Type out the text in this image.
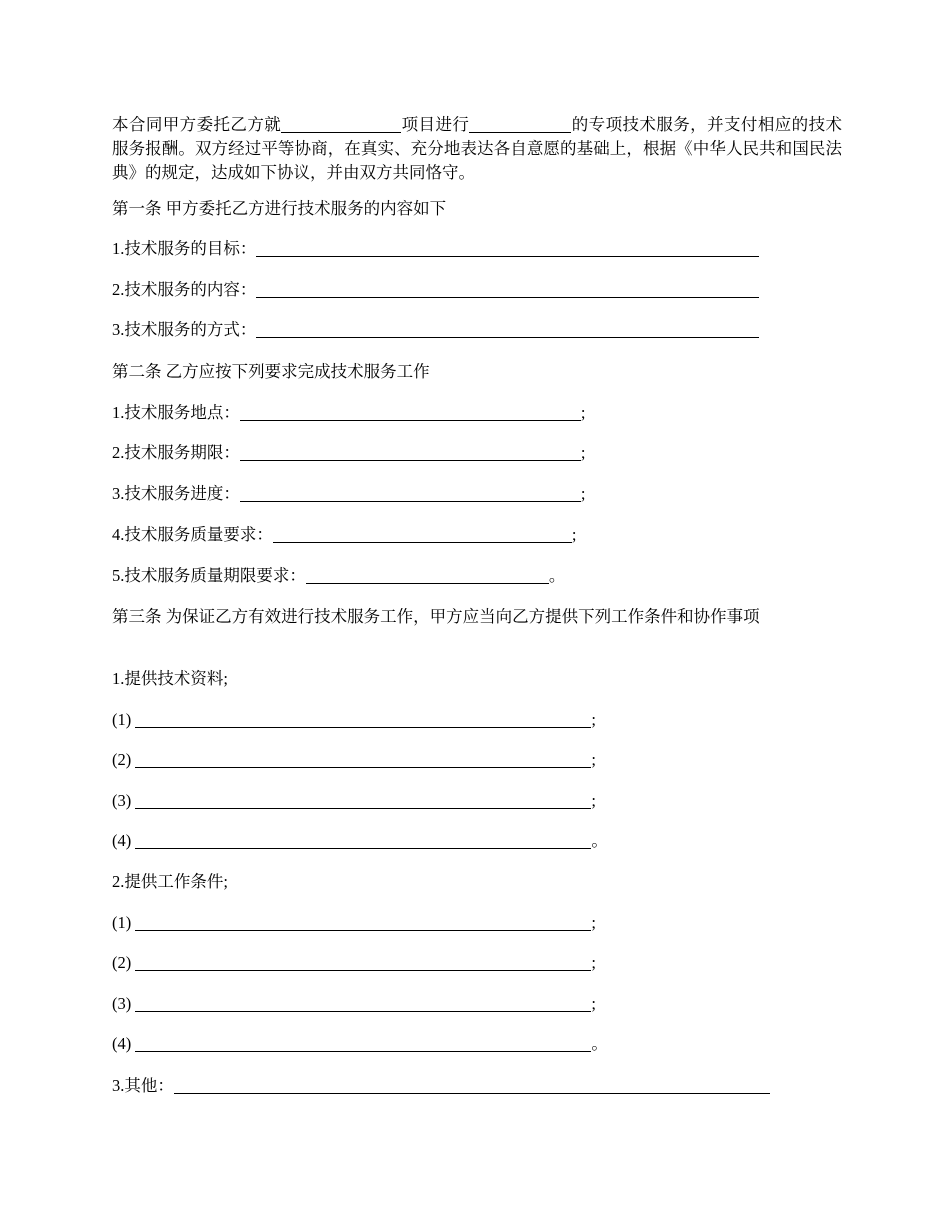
本合同甲方委托乙方就	项目进行	的专项技术服务，并支付相应的技术服务报酬。双方经过平等协商，在真实、充分地表达各自意愿的基础上，根据《中华人民共和国民法典》的规定，达成如下协议，并由双方共同恪守。
第一条 甲方委托乙方进行技术服务的内容如下
1.技术服务的目标：
2.技术服务的内容：
3.技术服务的方式：
第二条 乙方应按下列要求完成技术服务工作
1.技术服务地点：	;
2.技术服务期限：	;
3.技术服务进度：	;
4.技术服务质量要求：	;
5.技术服务质量期限要求：	。
第三条 为保证乙方有效进行技术服务工作，甲方应当向乙方提供下列工作条件和协作事项
1.提供技术资料;
(1)	;
(2)	;
(3)	;
(4)	。
2.提供工作条件;
(1)	;
(2)	;
(3)	;
(4)	。
3.其他：
